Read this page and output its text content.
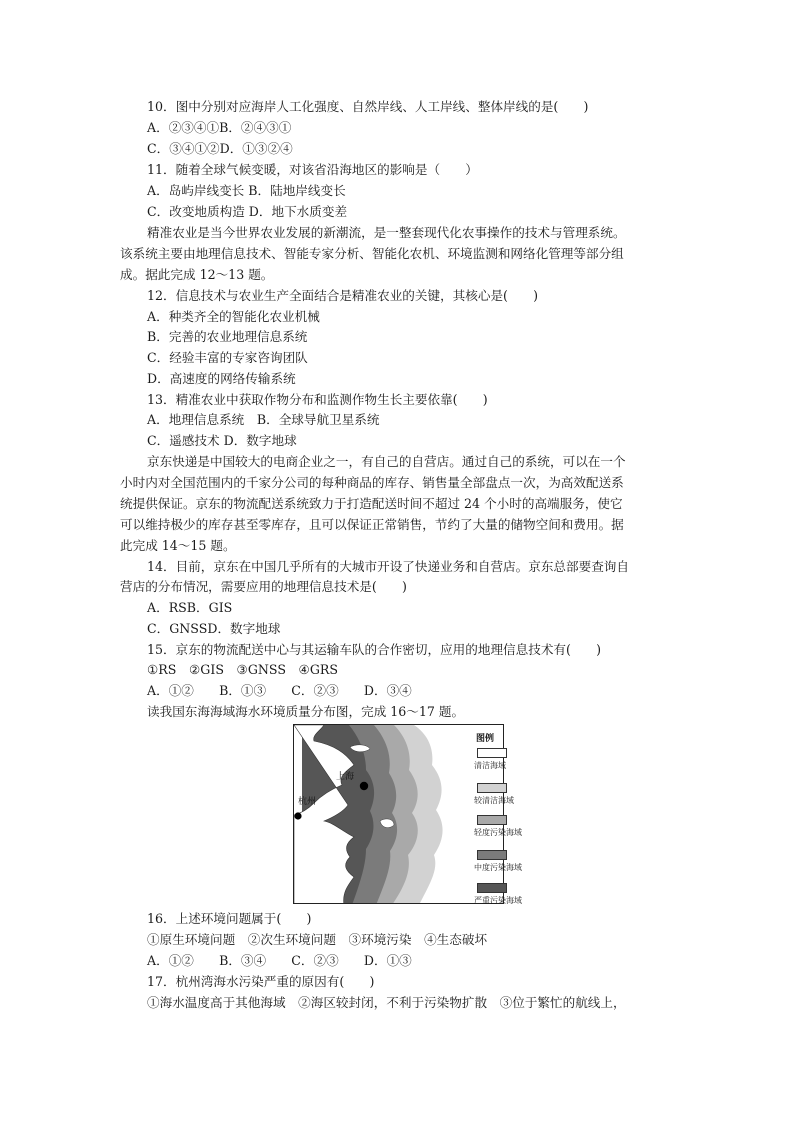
10．图中分别对应海岸人工化强度、自然岸线、人工岸线、整体岸线的是(　　)
A．②③④①B．②④③①
C．③④①②D．①③②④
11．随着全球气候变暖，对该省沿海地区的影响是（　　）
A．岛屿岸线变长 B．陆地岸线变长
C．改变地质构造 D．地下水质变差
精准农业是当今世界农业发展的新潮流，是一整套现代化农事操作的技术与管理系统。
该系统主要由地理信息技术、智能专家分析、智能化农机、环境监测和网络化管理等部分组
成。据此完成 12～13 题。
12．信息技术与农业生产全面结合是精准农业的关键，其核心是(　　)
A．种类齐全的智能化农业机械
B．完善的农业地理信息系统
C．经验丰富的专家咨询团队
D．高速度的网络传输系统
13．精准农业中获取作物分布和监测作物生长主要依靠(　　)
A．地理信息系统　B．全球导航卫星系统
C．遥感技术 D．数字地球
京东快递是中国较大的电商企业之一，有自己的自营店。通过自己的系统，可以在一个
小时内对全国范围内的千家分公司的每种商品的库存、销售量全部盘点一次，为高效配送系
统提供保证。京东的物流配送系统致力于打造配送时间不超过 24 个小时的高端服务，使它
可以维持极少的库存甚至零库存，且可以保证正常销售，节约了大量的储物空间和费用。据
此完成 14～15 题。
14．目前，京东在中国几乎所有的大城市开设了快递业务和自营店。京东总部要查询自
营店的分布情况，需要应用的地理信息技术是(　　)
A．RSB．GIS
C．GNSSD．数字地球
15．京东的物流配送中心与其运输车队的合作密切，应用的地理信息技术有(　　)
①RS　②GIS　③GNSS　④GRS
A．①②　　B．①③　　C．②③　　D．③④
读我国东海海域海水环境质量分布图，完成 16～17 题。
上海
杭州
图例
清洁海域
较清洁海域
轻度污染海域
中度污染海域
严重污染海域
16．上述环境问题属于(　　)
①原生环境问题　②次生环境问题　③环境污染　④生态破坏
A．①②　　B．③④　　C．②③　　D．①③
17．杭州湾海水污染严重的原因有(　　)
①海水温度高于其他海域　②海区较封闭，不利于污染物扩散　③位于繁忙的航线上，
